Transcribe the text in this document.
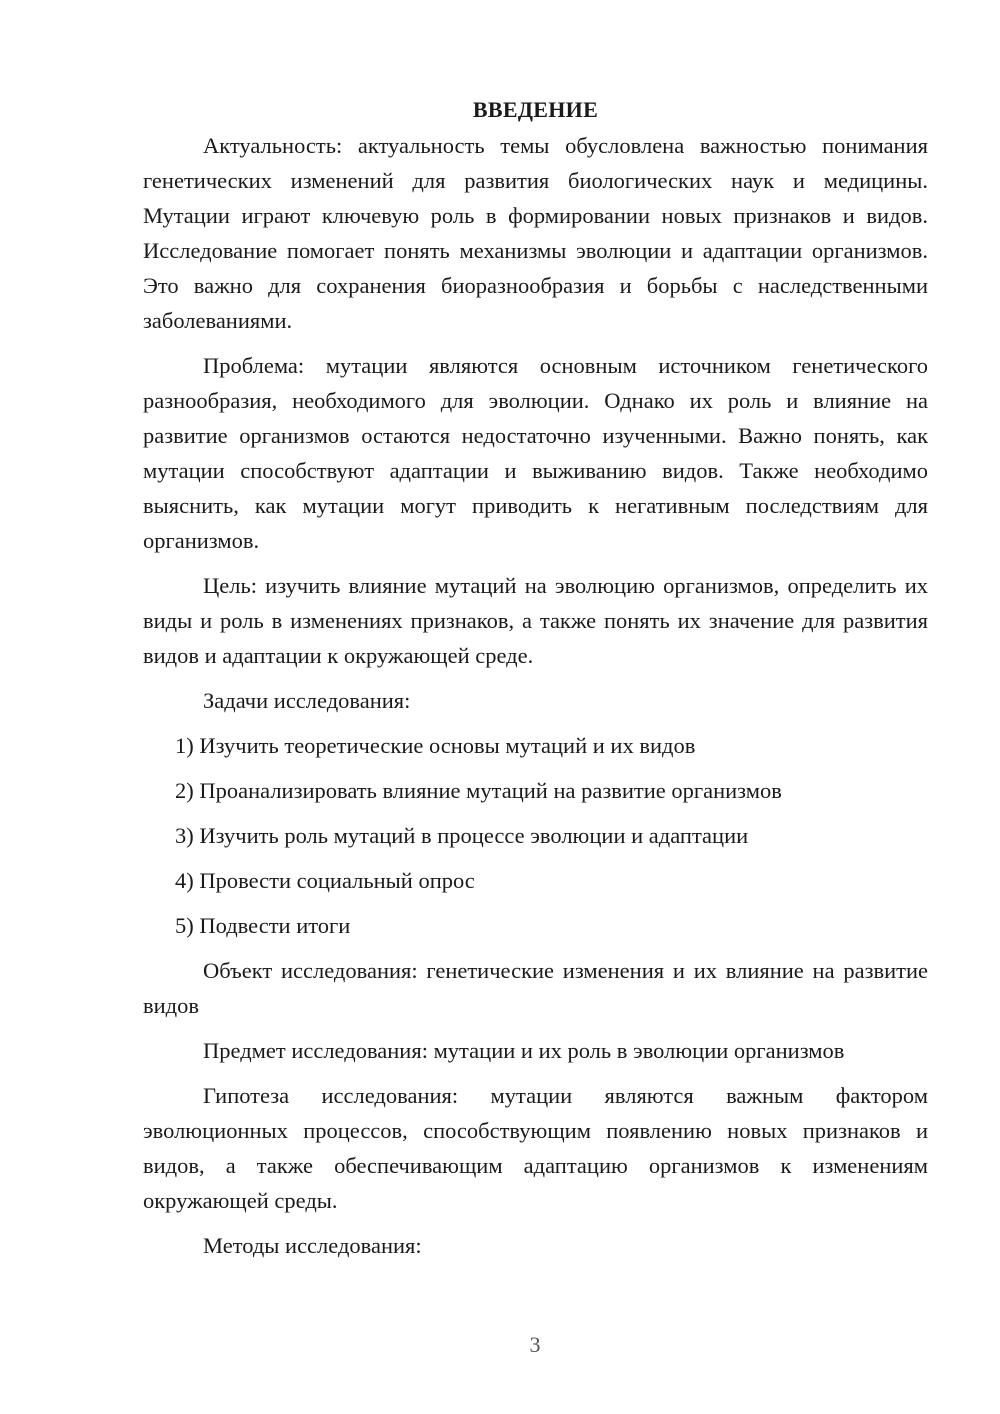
ВВЕДЕНИЕ

Актуальность: актуальность темы обусловлена важностью понимания генетических изменений для развития биологических наук и медицины. Мутации играют ключевую роль в формировании новых признаков и видов. Исследование помогает понять механизмы эволюции и адаптации организмов. Это важно для сохранения биоразнообразия и борьбы с наследственными заболеваниями.

Проблема: мутации являются основным источником генетического разнообразия, необходимого для эволюции. Однако их роль и влияние на развитие организмов остаются недостаточно изученными. Важно понять, как мутации способствуют адаптации и выживанию видов. Также необходимо выяснить, как мутации могут приводить к негативным последствиям для организмов.

Цель: изучить влияние мутаций на эволюцию организмов, определить их виды и роль в изменениях признаков, а также понять их значение для развития видов и адаптации к окружающей среде.

Задачи исследования:

1) Изучить теоретические основы мутаций и их видов
2) Проанализировать влияние мутаций на развитие организмов
3) Изучить роль мутаций в процессе эволюции и адаптации
4) Провести социальный опрос
5) Подвести итоги

Объект исследования: генетические изменения и их влияние на развитие видов

Предмет исследования: мутации и их роль в эволюции организмов

Гипотеза исследования: мутации являются важным фактором эволюционных процессов, способствующим появлению новых признаков и видов, а также обеспечивающим адаптацию организмов к изменениям окружающей среды.

Методы исследования:

3
